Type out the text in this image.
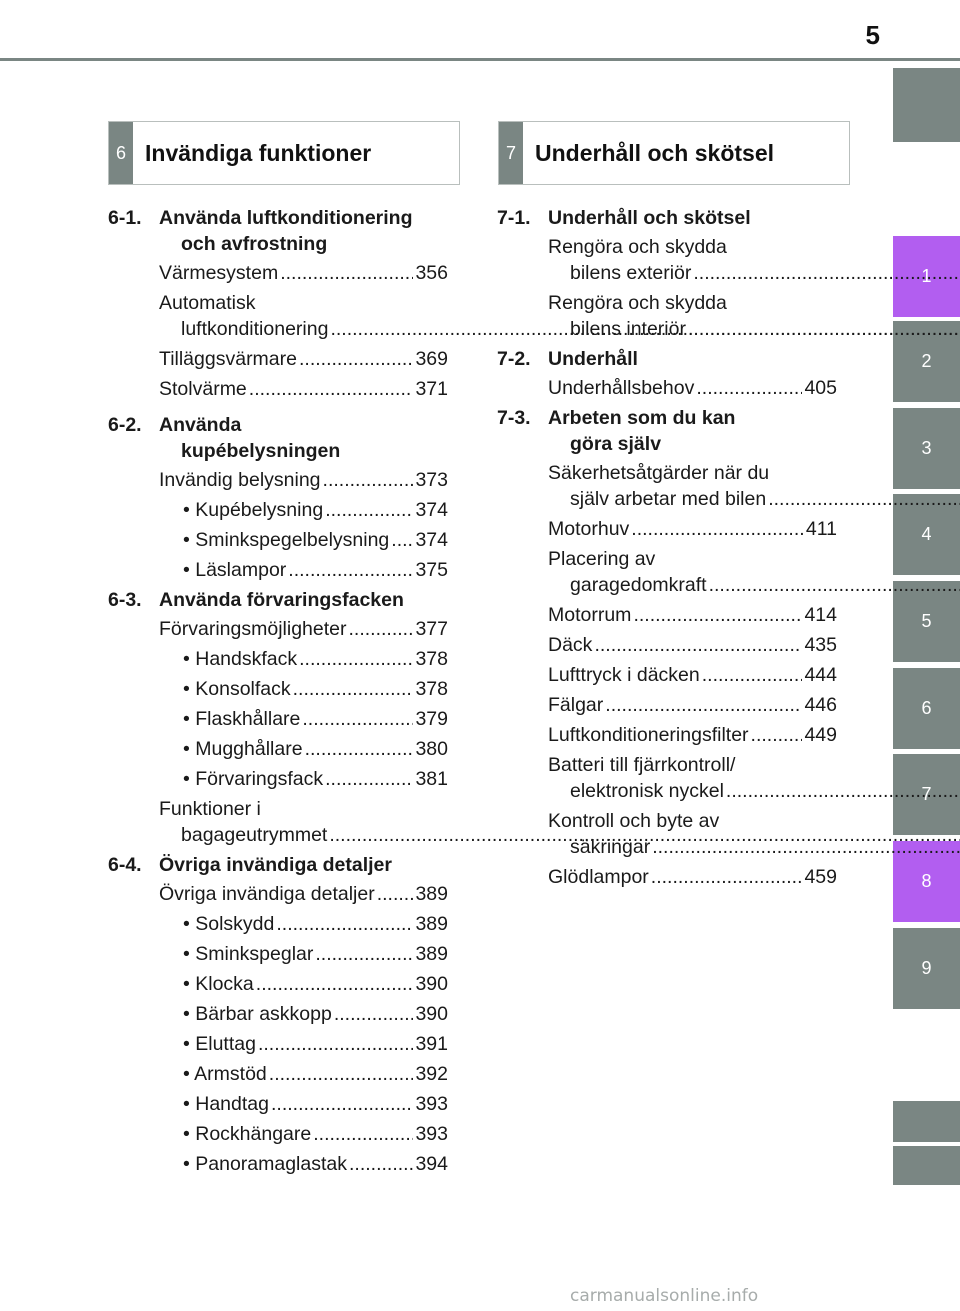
5
1
2
3
4
5
6
7
8
9
6 Invändiga funktioner	7 Underhåll och skötsel
6-1. Använda luftkonditionering
och avfrostning
Värmesystem .....	356
Automatisk
luftkonditionering .....
Tilläggsvärmare .....	369
Stolvärme .....	371
6-2. Använda
kupébelysningen
Invändig belysning .....	373
• Kupébelysning .....	374
• Sminkspegelbelysning ..... 374
• Läslampor .....	375
6-3. Använda förvaringsfacken
Förvaringsmöjligheter .....	377
• Handskfack .....	378
• Konsolfack .....	378
• Flaskhållare .....	379
• Mugghållare .....	380
• Förvaringsfack .....	381
Funktioner i
bagageutrymmet .....
6-4. Övriga invändiga detaljer
Övriga invändiga detaljer ..... 389
• Solskydd .....	389
• Sminkspeglar .....	389
• Klocka .....	390
• Bärbar askkopp .....	390
• Eluttag .....	391
• Armstöd .....	392
• Handtag .....	393
• Rockhängare .....	393
• Panoramaglastak .....	394
7-1. Underhåll och skötsel
Rengöra och skydda
bilens exteriör .....
Rengöra och skydda
bilens interiör .....
7-2. Underhåll
Underhållsbehov .....	405
7-3. Arbeten som du kan
göra själv
Säkerhetsåtgärder när du
själv arbetar med bilen .....
Motorhuv .....	411
Placering av
garagedomkraft .....
Motorrum .....	414
Däck .....	435
Lufttryck i däcken .....	444
Fälgar .....	446
Luftkonditioneringsfilter .....	449
Batteri till fjärrkontroll/
elektronisk nyckel .....
Kontroll och byte av
säkringar .....
Glödlampor .....	459
carmanualsonline.info
